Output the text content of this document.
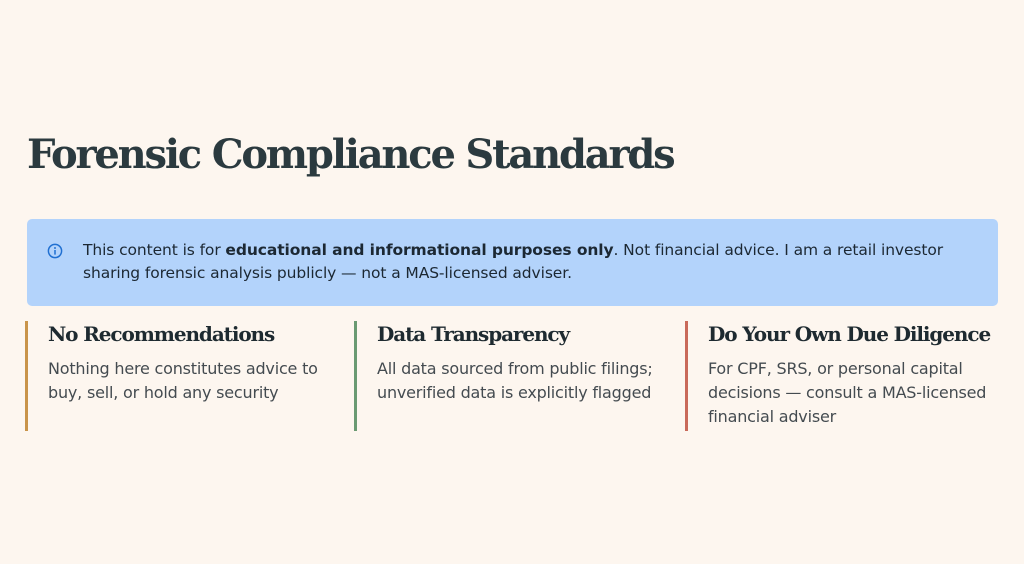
Forensic Compliance Standards

This content is for educational and informational purposes only. Not financial advice. I am a retail investor sharing forensic analysis publicly — not a MAS-licensed adviser.

No Recommendations

Nothing here constitutes advice to buy, sell, or hold any security

Data Transparency

All data sourced from public filings; unverified data is explicitly flagged

Do Your Own Due Diligence

For CPF, SRS, or personal capital decisions — consult a MAS-licensed financial adviser
